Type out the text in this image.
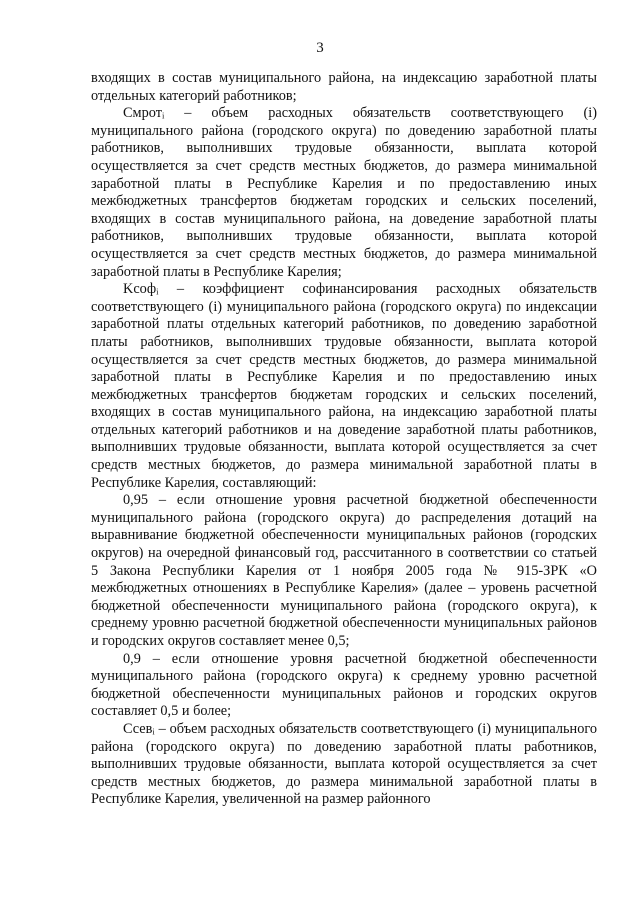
3

входящих в состав муниципального района, на индексацию заработной платы отдельных категорий работников;

Смротᵢ – объем расходных обязательств соответствующего (i) муниципального района (городского округа) по доведению заработной платы работников, выполнивших трудовые обязанности, выплата которой осуществляется за счет средств местных бюджетов, до размера минимальной заработной платы в Республике Карелия и по предоставлению иных межбюджетных трансфертов бюджетам городских и сельских поселений, входящих в состав муниципального района, на доведение заработной платы работников, выполнивших трудовые обязанности, выплата которой осуществляется за счет средств местных бюджетов, до размера минимальной заработной платы в Республике Карелия;

Kсофᵢ – коэффициент софинансирования расходных обязательств соответствующего (i) муниципального района (городского округа) по индексации заработной платы отдельных категорий работников, по доведению заработной платы работников, выполнивших трудовые обязанности, выплата которой осуществляется за счет средств местных бюджетов, до размера минимальной заработной платы в Республике Карелия и по предоставлению иных межбюджетных трансфертов бюджетам городских и сельских поселений, входящих в состав муниципального района, на индексацию заработной платы отдельных категорий работников и на доведение заработной платы работников, выполнивших трудовые обязанности, выплата которой осуществляется за счет средств местных бюджетов, до размера минимальной заработной платы в Республике Карелия, составляющий:

0,95 – если отношение уровня расчетной бюджетной обеспеченности муниципального района (городского округа) до распределения дотаций на выравнивание бюджетной обеспеченности муниципальных районов (городских округов) на очередной финансовый год, рассчитанного в соответствии со статьей 5 Закона Республики Карелия от 1 ноября 2005 года № 915-ЗРК «О межбюджетных отношениях в Республике Карелия» (далее – уровень расчетной бюджетной обеспеченности муниципального района (городского округа), к среднему уровню расчетной бюджетной обеспеченности муниципальных районов и городских округов составляет менее 0,5;

0,9 – если отношение уровня расчетной бюджетной обеспеченности муниципального района (городского округа) к среднему уровню расчетной бюджетной обеспеченности муниципальных районов и городских округов составляет 0,5 и более;

Ссевᵢ – объем расходных обязательств соответствующего (i) муниципального района (городского округа) по доведению заработной платы работников, выполнивших трудовые обязанности, выплата которой осуществляется за счет средств местных бюджетов, до размера минимальной заработной платы в Республике Карелия, увеличенной на размер районного
